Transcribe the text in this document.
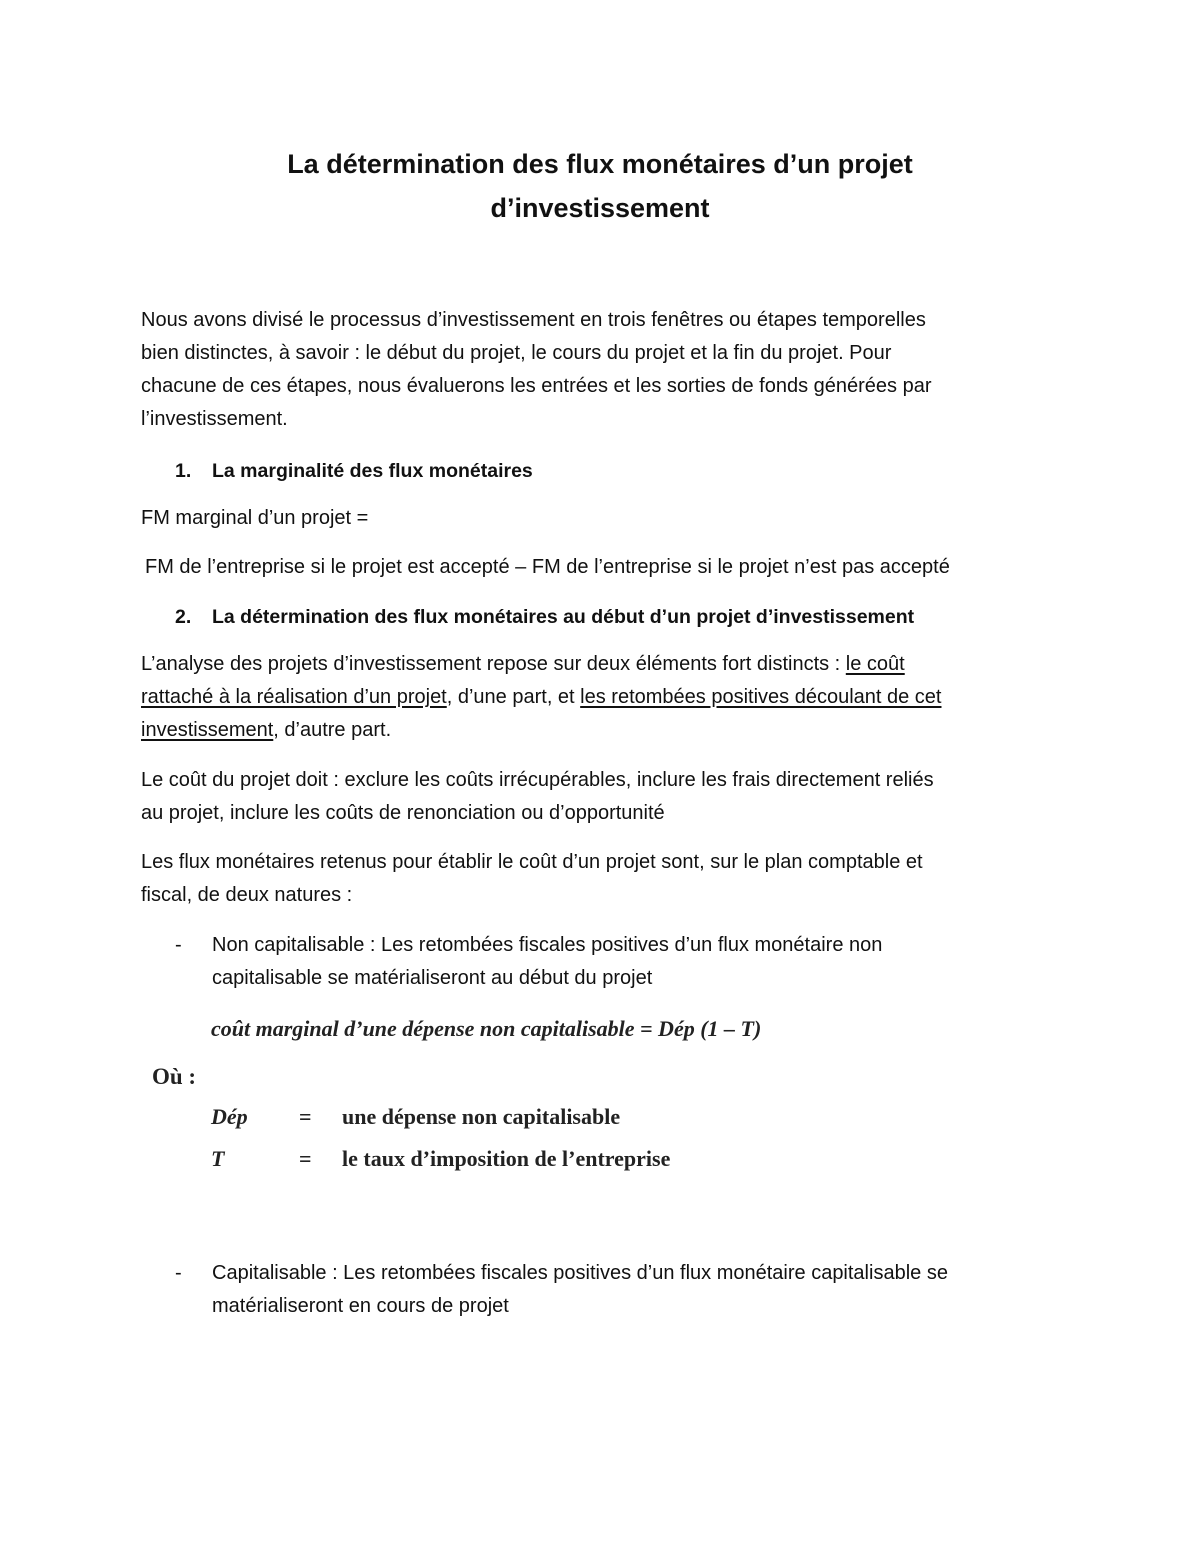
La détermination des flux monétaires d’un projet
d’investissement
Nous avons divisé le processus d’investissement en trois fenêtres ou étapes temporelles
bien distinctes, à savoir : le début du projet, le cours du projet et la fin du projet. Pour
chacune de ces étapes, nous évaluerons les entrées et les sorties de fonds générées par
l’investissement.
1. La marginalité des flux monétaires
FM marginal d’un projet =
FM de l’entreprise si le projet est accepté – FM de l’entreprise si le projet n’est pas accepté
2. La détermination des flux monétaires au début d’un projet d’investissement
L’analyse des projets d’investissement repose sur deux éléments fort distincts : le coût
rattaché à la réalisation d’un projet, d’une part, et les retombées positives découlant de cet
investissement, d’autre part.
Le coût du projet doit : exclure les coûts irrécupérables, inclure les frais directement reliés
au projet, inclure les coûts de renonciation ou d’opportunité
Les flux monétaires retenus pour établir le coût d’un projet sont, sur le plan comptable et
fiscal, de deux natures :
- Non capitalisable : Les retombées fiscales positives d’un flux monétaire non
capitalisable se matérialiseront au début du projet
coût marginal d’une dépense non capitalisable = Dép (1 – T)
Où :
Dép = une dépense non capitalisable
T	= le taux d’imposition de l’entreprise
- Capitalisable : Les retombées fiscales positives d’un flux monétaire capitalisable se
matérialiseront en cours de projet
